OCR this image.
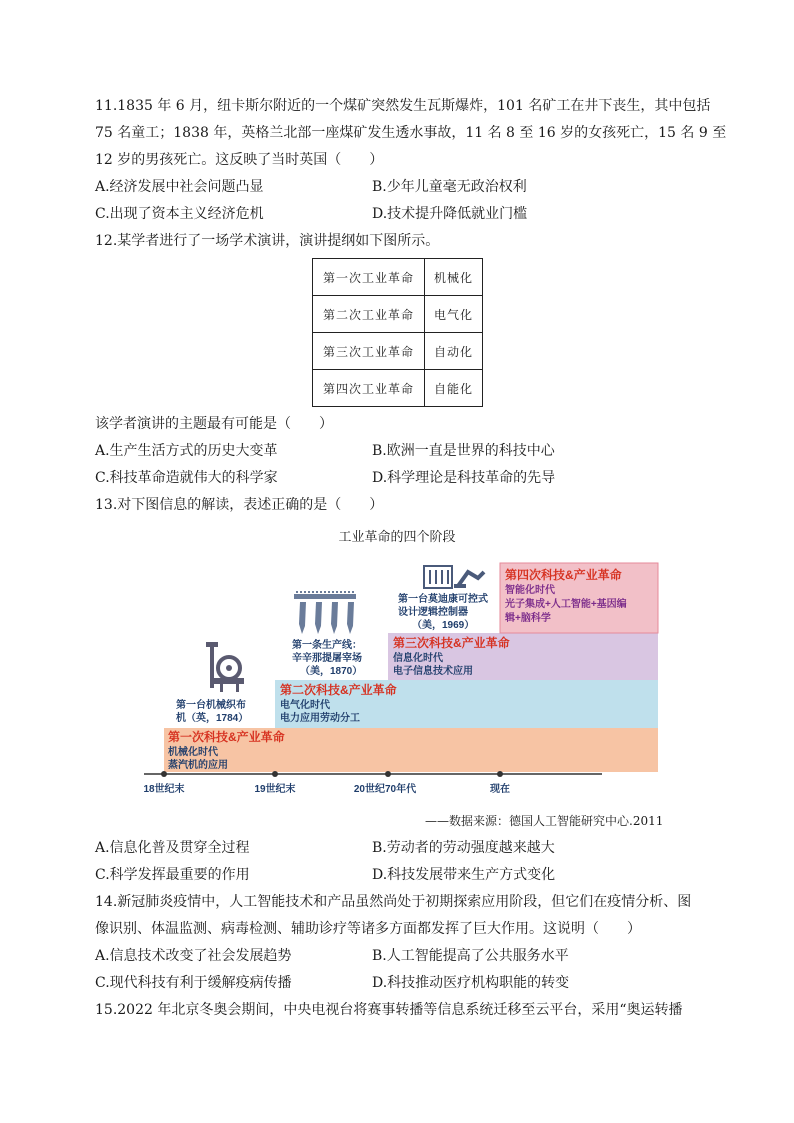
11.1835 年 6 月，纽卡斯尔附近的一个煤矿突然发生瓦斯爆炸，101 名矿工在井下丧生，其中包括
75 名童工；1838 年，英格兰北部一座煤矿发生透水事故，11 名 8 至 16 岁的女孩死亡，15 名 9 至
12 岁的男孩死亡。这反映了当时英国（　　）
A.经济发展中社会问题凸显	B.少年儿童毫无政治权利
C.出现了资本主义经济危机	D.技术提升降低就业门槛
12.某学者进行了一场学术演讲，演讲提纲如下图所示。
第一次工业革命	机械化
第二次工业革命	电气化
第三次工业革命	自动化
第四次工业革命	自能化
该学者演讲的主题最有可能是（　　）
A.生产生活方式的历史大变革	B.欧洲一直是世界的科技中心
C.科技革命造就伟大的科学家	D.科学理论是科技革命的先导
13.对下图信息的解读，表述正确的是（　　）
工业革命的四个阶段
第一次科技&产业革命
机械化时代
蒸汽机的应用
第二次科技&产业革命
电气化时代
电力应用劳动分工
第三次科技&产业革命
信息化时代
电子信息技术应用
第四次科技&产业革命
智能化时代
光子集成+人工智能+基因编
辑+脑科学
第一台机械织布
机（英，1784）
第一条生产线：
辛辛那提屠宰场
（美，1870）
第一台莫迪康可控式
设计逻辑控制器
（美，1969）
18世纪末	19世纪末	20世纪70年代	现在
——数据来源：德国人工智能研究中心.2011
A.信息化普及贯穿全过程	B.劳动者的劳动强度越来越大
C.科学发挥最重要的作用	D.科技发展带来生产方式变化
14.新冠肺炎疫情中，人工智能技术和产品虽然尚处于初期探索应用阶段，但它们在疫情分析、图
像识别、体温监测、病毒检测、辅助诊疗等诸多方面都发挥了巨大作用。这说明（　　）
A.信息技术改变了社会发展趋势	B.人工智能提高了公共服务水平
C.现代科技有利于缓解疫病传播	D.科技推动医疗机构职能的转变
15.2022 年北京冬奥会期间，中央电视台将赛事转播等信息系统迁移至云平台，采用“奥运转播
